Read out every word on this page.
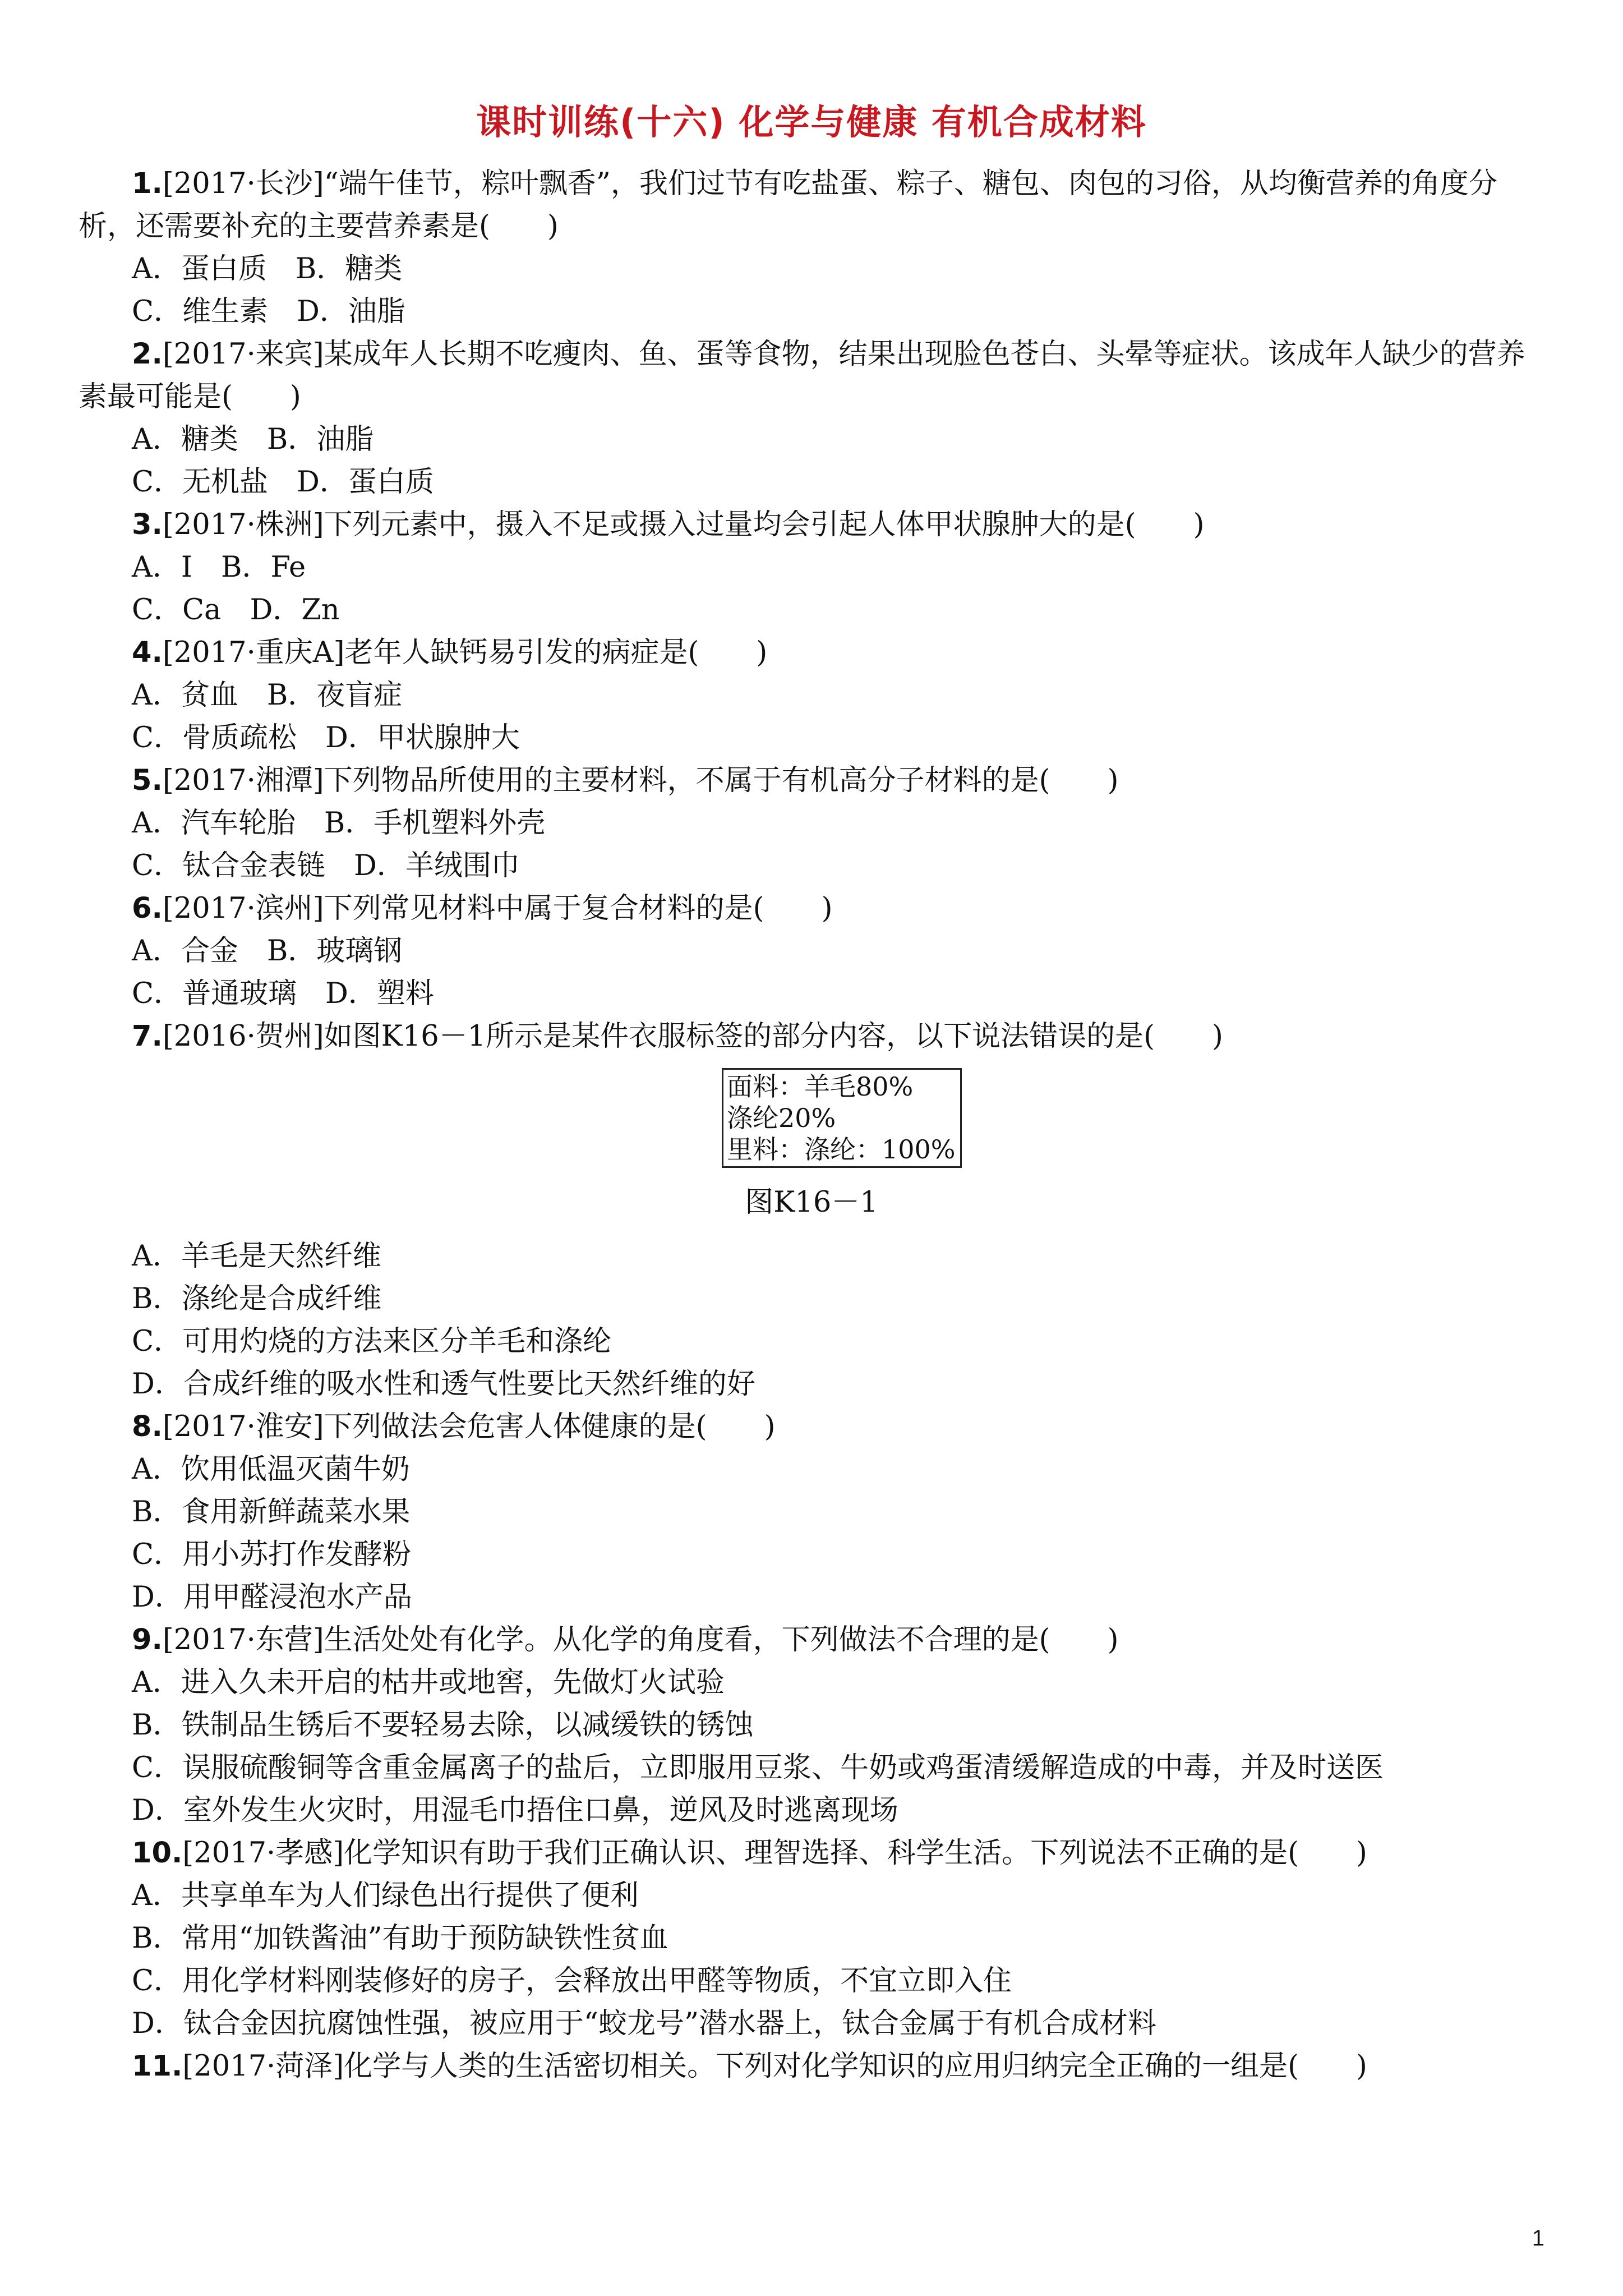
课时训练(十六) 化学与健康 有机合成材料
1.[2017·长沙]“端午佳节，粽叶飘香”，我们过节有吃盐蛋、粽子、糖包、肉包的习俗，从均衡营养的角度分
析，还需要补充的主要营养素是(　　)
A．蛋白质　B．糖类
C．维生素　D．油脂
2.[2017·来宾]某成年人长期不吃瘦肉、鱼、蛋等食物，结果出现脸色苍白、头晕等症状。该成年人缺少的营养
素最可能是(　　)
A．糖类　B．油脂
C．无机盐　D．蛋白质
3.[2017·株洲]下列元素中，摄入不足或摄入过量均会引起人体甲状腺肿大的是(　　)
A．I　B．Fe
C．Ca　D．Zn
4.[2017·重庆A]老年人缺钙易引发的病症是(　　)
A．贫血　B．夜盲症
C．骨质疏松　D．甲状腺肿大
5.[2017·湘潭]下列物品所使用的主要材料，不属于有机高分子材料的是(　　)
A．汽车轮胎　B．手机塑料外壳
C．钛合金表链　D．羊绒围巾
6.[2017·滨州]下列常见材料中属于复合材料的是(　　)
A．合金　B．玻璃钢
C．普通玻璃　D．塑料
7.[2016·贺州]如图K16－1所示是某件衣服标签的部分内容，以下说法错误的是(　　)
面料：羊毛80%
涤纶20%
里料：涤纶：100%
图K16－1
A．羊毛是天然纤维
B．涤纶是合成纤维
C．可用灼烧的方法来区分羊毛和涤纶
D．合成纤维的吸水性和透气性要比天然纤维的好
8.[2017·淮安]下列做法会危害人体健康的是(　　)
A．饮用低温灭菌牛奶
B．食用新鲜蔬菜水果
C．用小苏打作发酵粉
D．用甲醛浸泡水产品
9.[2017·东营]生活处处有化学。从化学的角度看，下列做法不合理的是(　　)
A．进入久未开启的枯井或地窖，先做灯火试验
B．铁制品生锈后不要轻易去除，以减缓铁的锈蚀
C．误服硫酸铜等含重金属离子的盐后，立即服用豆浆、牛奶或鸡蛋清缓解造成的中毒，并及时送医
D．室外发生火灾时，用湿毛巾捂住口鼻，逆风及时逃离现场
10.[2017·孝感]化学知识有助于我们正确认识、理智选择、科学生活。下列说法不正确的是(　　)
A．共享单车为人们绿色出行提供了便利
B．常用“加铁酱油”有助于预防缺铁性贫血
C．用化学材料刚装修好的房子，会释放出甲醛等物质，不宜立即入住
D．钛合金因抗腐蚀性强，被应用于“蛟龙号”潜水器上，钛合金属于有机合成材料
11.[2017·菏泽]化学与人类的生活密切相关。下列对化学知识的应用归纳完全正确的一组是(　　)
1
